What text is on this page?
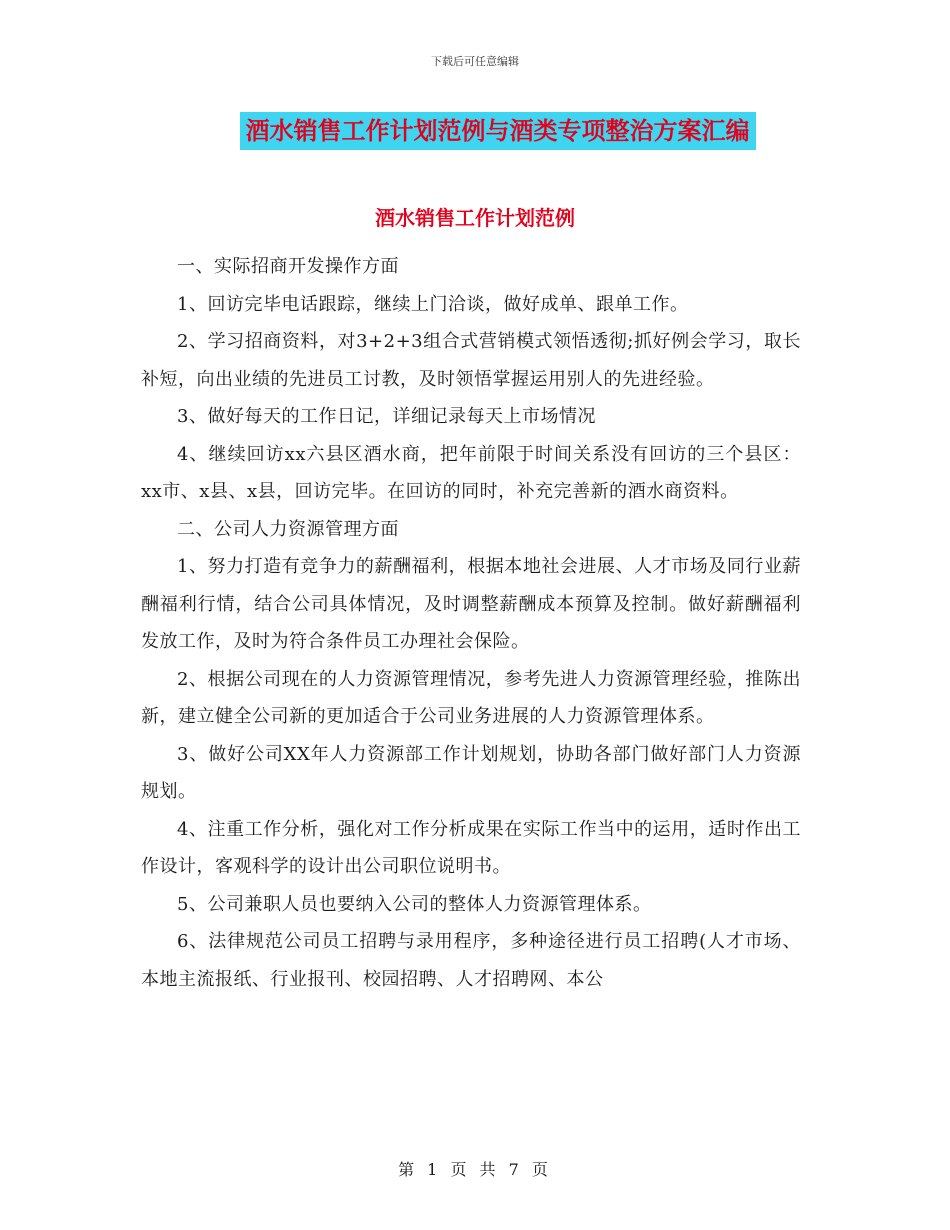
下载后可任意编辑
酒水销售工作计划范例与酒类专项整治方案汇编
酒水销售工作计划范例

一、实际招商开发操作方面

1、回访完毕电话跟踪，继续上门洽谈，做好成单、跟单工作。

2、学习招商资料，对3+2+3组合式营销模式领悟透彻;抓好例会学习，取长补短，向出业绩的先进员工讨教，及时领悟掌握运用别人的先进经验。

3、做好每天的工作日记，详细记录每天上市场情况

4、继续回访xx六县区酒水商，把年前限于时间关系没有回访的三个县区：xx市、x县、x县，回访完毕。在回访的同时，补充完善新的酒水商资料。

二、公司人力资源管理方面

1、努力打造有竞争力的薪酬福利，根据本地社会进展、人才市场及同行业薪酬福利行情，结合公司具体情况，及时调整薪酬成本预算及控制。做好薪酬福利发放工作，及时为符合条件员工办理社会保险。

2、根据公司现在的人力资源管理情况，参考先进人力资源管理经验，推陈出新，建立健全公司新的更加适合于公司业务进展的人力资源管理体系。

3、做好公司XX年人力资源部工作计划规划，协助各部门做好部门人力资源规划。

4、注重工作分析，强化对工作分析成果在实际工作当中的运用，适时作出工作设计，客观科学的设计出公司职位说明书。

5、公司兼职人员也要纳入公司的整体人力资源管理体系。

6、法律规范公司员工招聘与录用程序，多种途径进行员工招聘(人才市场、本地主流报纸、行业报刊、校园招聘、人才招聘网、本公

第 1 页 共 7 页
